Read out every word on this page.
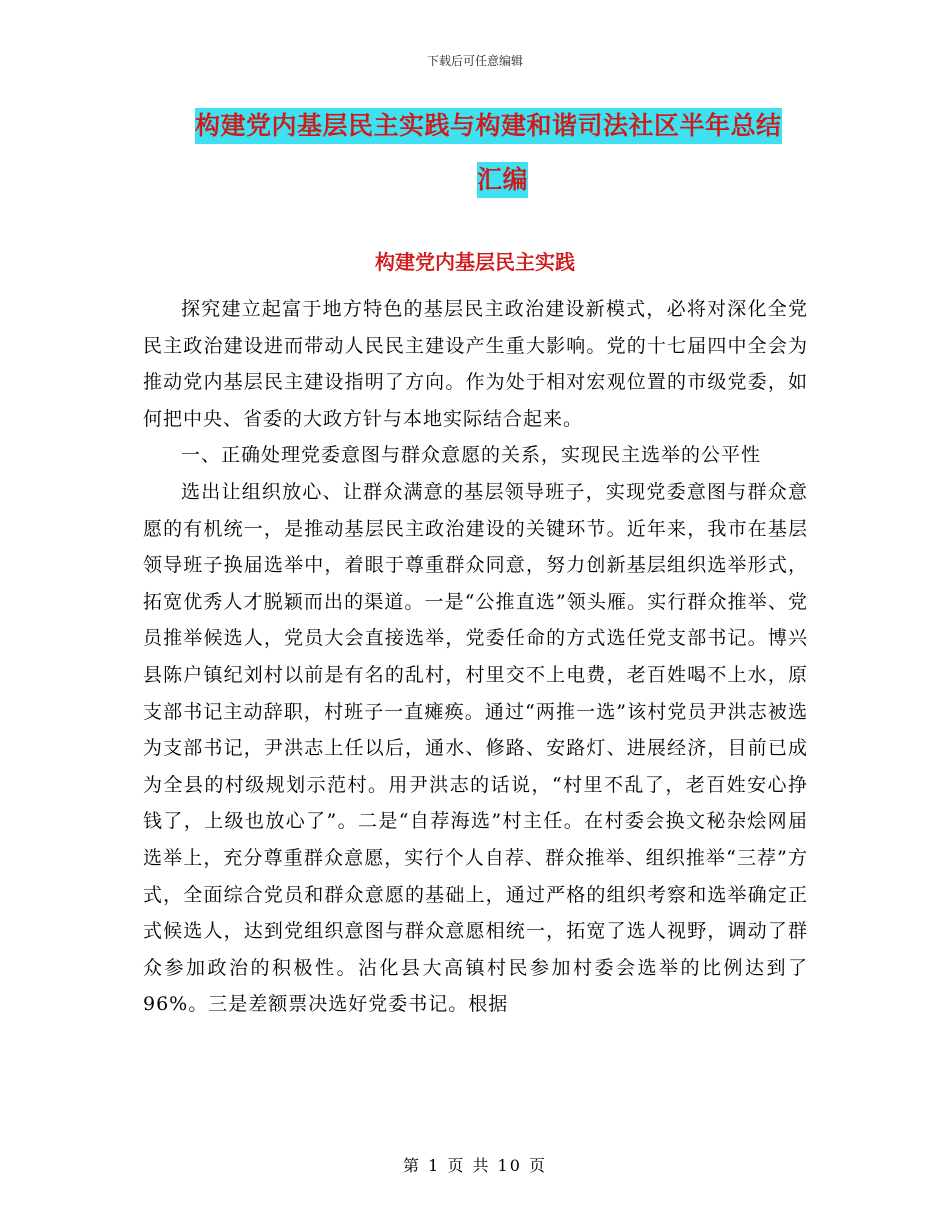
下载后可任意编辑
构建党内基层民主实践与构建和谐司法社区半年总结
汇编
构建党内基层民主实践

探究建立起富于地方特色的基层民主政治建设新模式，必将对深化全党民主政治建设进而带动人民民主建设产生重大影响。党的十七届四中全会为推动党内基层民主建设指明了方向。作为处于相对宏观位置的市级党委，如何把中央、省委的大政方针与本地实际结合起来。

一、正确处理党委意图与群众意愿的关系，实现民主选举的公平性

选出让组织放心、让群众满意的基层领导班子，实现党委意图与群众意愿的有机统一，是推动基层民主政治建设的关键环节。近年来，我市在基层领导班子换届选举中，着眼于尊重群众同意，努力创新基层组织选举形式，拓宽优秀人才脱颖而出的渠道。一是“公推直选”领头雁。实行群众推举、党员推举候选人，党员大会直接选举，党委任命的方式选任党支部书记。博兴县陈户镇纪刘村以前是有名的乱村，村里交不上电费，老百姓喝不上水，原支部书记主动辞职，村班子一直瘫痪。通过“两推一选”该村党员尹洪志被选为支部书记，尹洪志上任以后，通水、修路、安路灯、进展经济，目前已成为全县的村级规划示范村。用尹洪志的话说，“村里不乱了，老百姓安心挣钱了，上级也放心了”。二是“自荐海选”村主任。在村委会换文秘杂烩网届选举上，充分尊重群众意愿，实行个人自荐、群众推举、组织推举“三荐”方式，全面综合党员和群众意愿的基础上，通过严格的组织考察和选举确定正式候选人，达到党组织意图与群众意愿相统一，拓宽了选人视野，调动了群众参加政治的积极性。沾化县大高镇村民参加村委会选举的比例达到了96%。三是差额票决选好党委书记。根据

第 1 页 共 10 页
